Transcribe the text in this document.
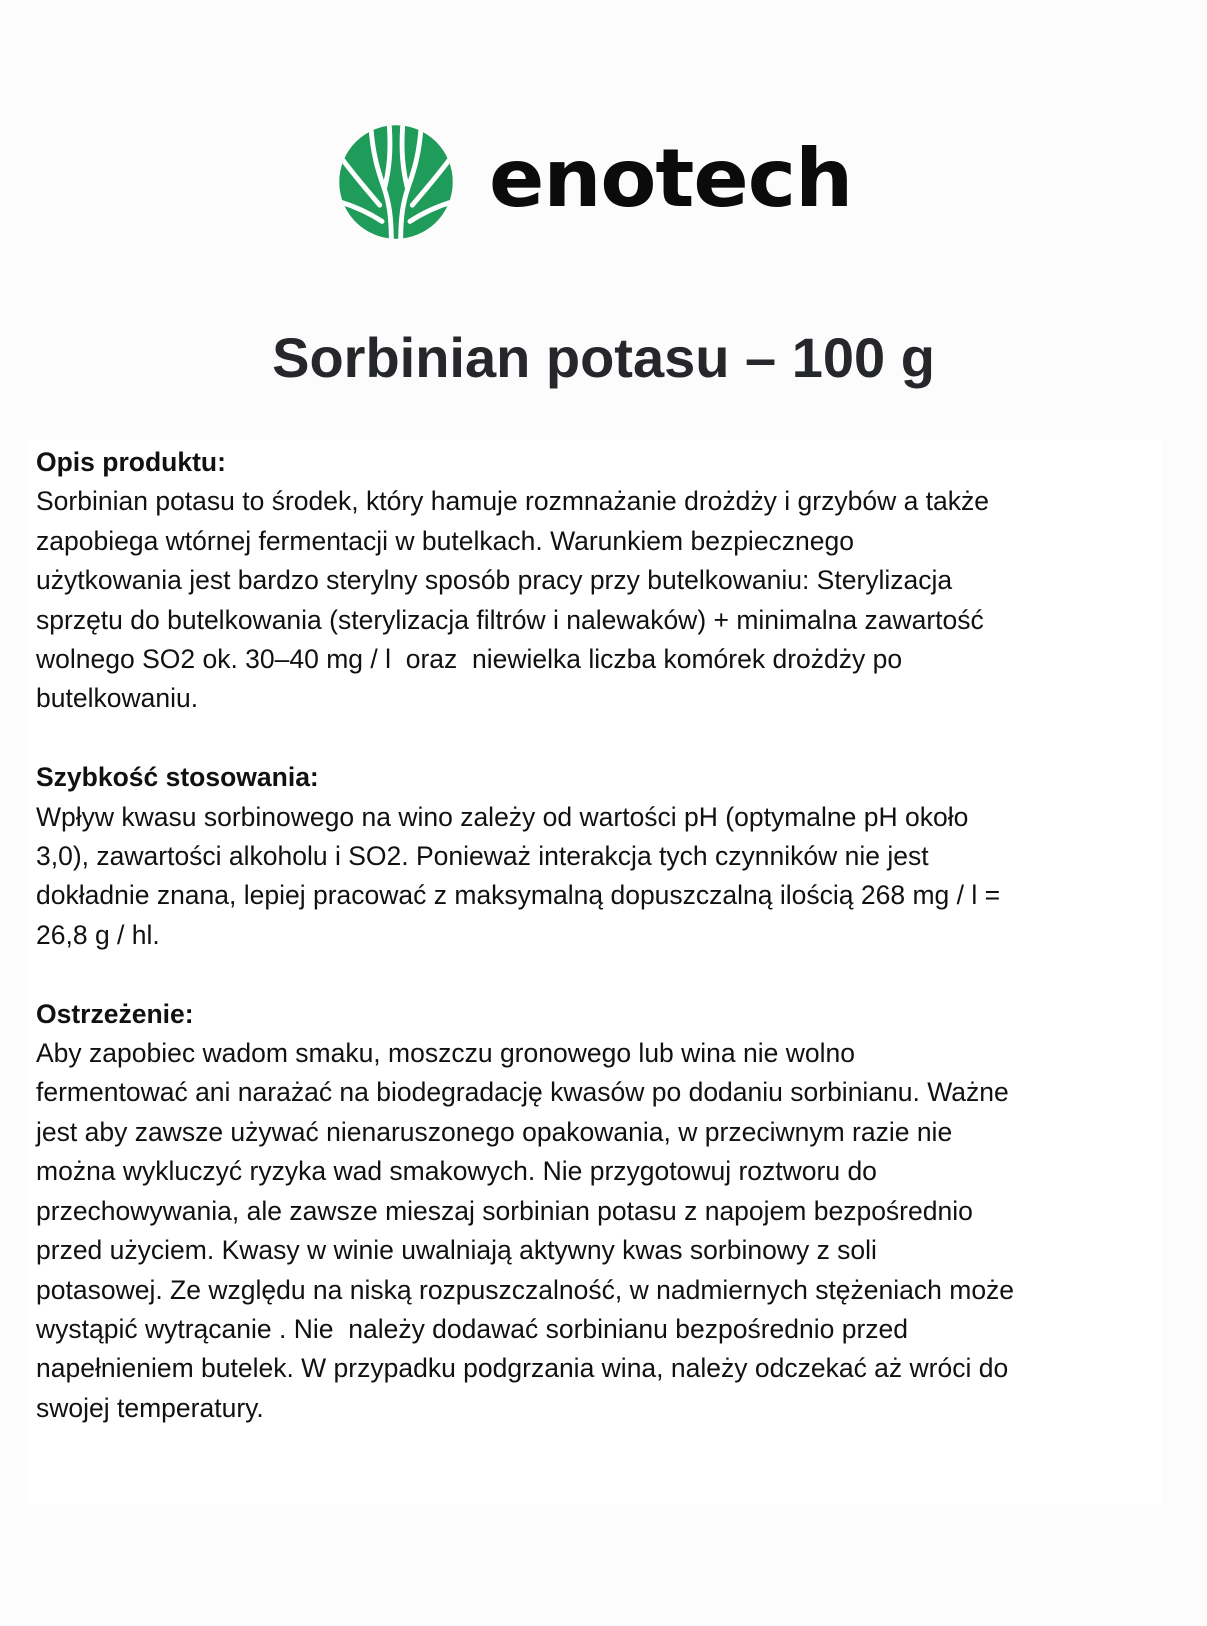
enotech
Sorbinian potasu – 100 g
Opis produktu:
Sorbinian potasu to środek, który hamuje rozmnażanie drożdży i grzybów a także
zapobiega wtórnej fermentacji w butelkach. Warunkiem bezpiecznego
użytkowania jest bardzo sterylny sposób pracy przy butelkowaniu: Sterylizacja
sprzętu do butelkowania (sterylizacja filtrów i nalewaków) + minimalna zawartość
wolnego SO2 ok. 30–40 mg / l  oraz  niewielka liczba komórek drożdży po
butelkowaniu.
Szybkość stosowania:
Wpływ kwasu sorbinowego na wino zależy od wartości pH (optymalne pH około
3,0), zawartości alkoholu i SO2. Ponieważ interakcja tych czynników nie jest
dokładnie znana, lepiej pracować z maksymalną dopuszczalną ilością 268 mg / l =
26,8 g / hl.
Ostrzeżenie:
Aby zapobiec wadom smaku, moszczu gronowego lub wina nie wolno
fermentować ani narażać na biodegradację kwasów po dodaniu sorbinianu. Ważne
jest aby zawsze używać nienaruszonego opakowania, w przeciwnym razie nie
można wykluczyć ryzyka wad smakowych. Nie przygotowuj roztworu do
przechowywania, ale zawsze mieszaj sorbinian potasu z napojem bezpośrednio
przed użyciem. Kwasy w winie uwalniają aktywny kwas sorbinowy z soli
potasowej. Ze względu na niską rozpuszczalność, w nadmiernych stężeniach może
wystąpić wytrącanie . Nie  należy dodawać sorbinianu bezpośrednio przed
napełnieniem butelek. W przypadku podgrzania wina, należy odczekać aż wróci do
swojej temperatury.
